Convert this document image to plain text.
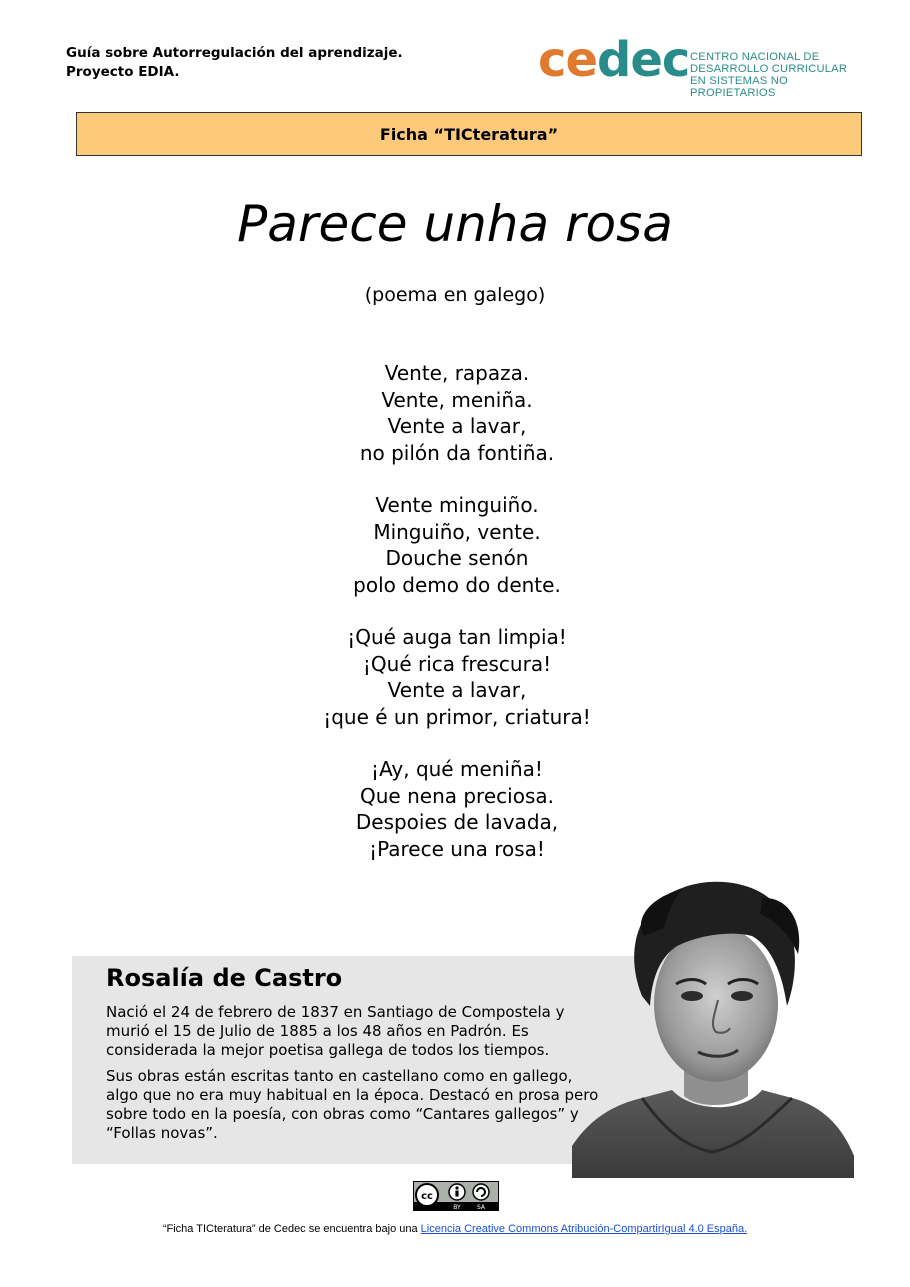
Guía sobre Autorregulación del aprendizaje.
Proyecto EDIA.	cedec CENTRO NACIONAL DE
DESARROLLO CURRICULAR
EN SISTEMAS NO PROPIETARIOS
Ficha “TICteratura”
Parece unha rosa
(poema en galego)
Vente, rapaza.
Vente, meniña.
Vente a lavar,
no pilón da fontiña.
Vente minguiño.
Minguiño, vente.
Douche senón
polo demo do dente.
¡Qué auga tan limpia!
¡Qué rica frescura!
Vente a lavar,
¡que é un primor, criatura!
¡Ay, qué meniña!
Que nena preciosa.
Despoies de lavada,
¡Parece una rosa!
Rosalía de Castro

Nació el 24 de febrero de 1837 en Santiago de Compostela y murió el 15 de Julio de 1885 a los 48 años en Padrón. Es considerada la mejor poetisa gallega de todos los tiempos.

Sus obras están escritas tanto en castellano como en gallego, algo que no era muy habitual en la época. Destacó en prosa pero sobre todo en la poesía, con obras como “Cantares gallegos” y “Follas novas”.

cc
BY	SA
“Ficha TICteratura” de Cedec se encuentra bajo una Licencia Creative Commons Atribución-CompartirIgual 4.0 España.
